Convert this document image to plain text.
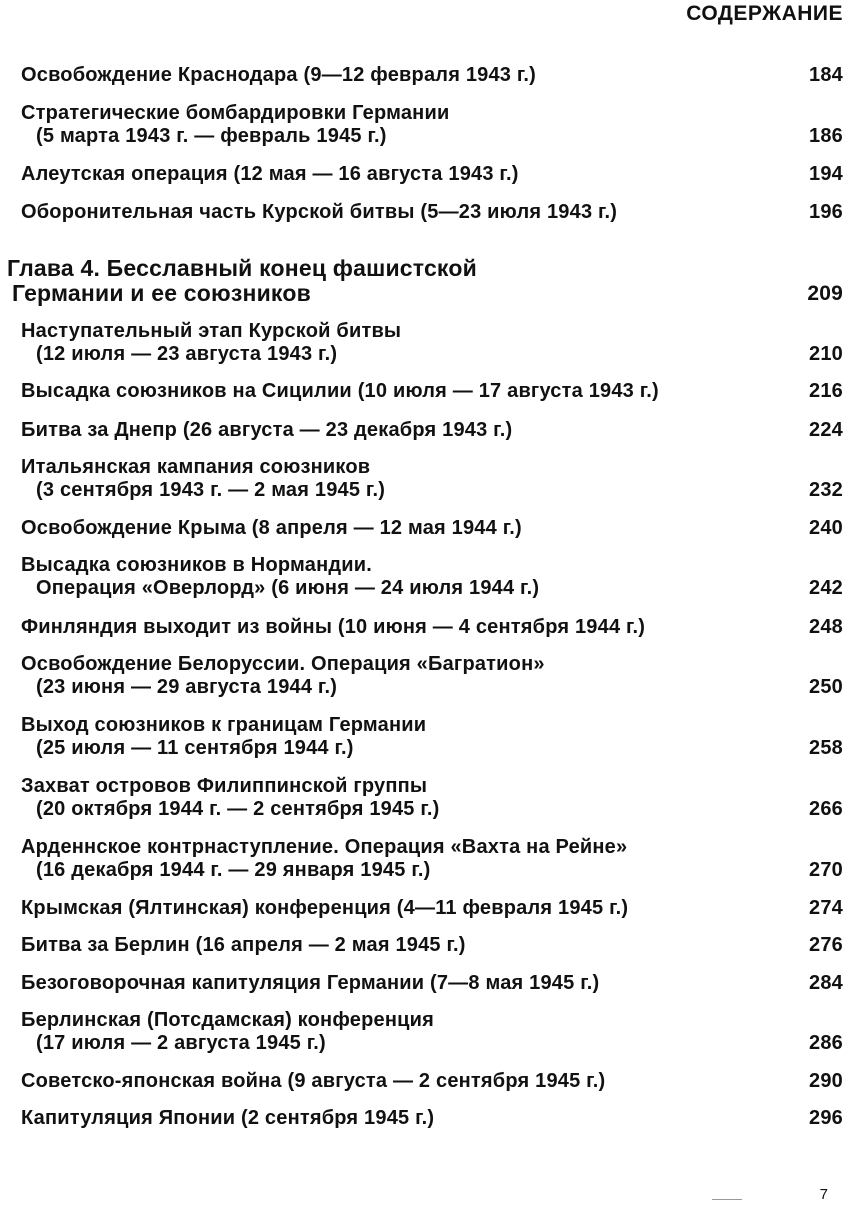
СОДЕРЖАНИЕ
Освобождение Краснодара (9—12 февраля 1943 г.)	184
Стратегические бомбардировки Германии
(5 марта 1943 г. — февраль 1945 г.)	186
Алеутская операция (12 мая — 16 августа 1943 г.)	194
Оборонительная часть Курской битвы (5—23 июля 1943 г.)	196
Глава 4. Бесславный конец фашистской
Германии и ее союзников	209
Наступательный этап Курской битвы
(12 июля — 23 августа 1943 г.)	210
Высадка союзников на Сицилии (10 июля — 17 августа 1943 г.)	216
Битва за Днепр (26 августа — 23 декабря 1943 г.)	224
Итальянская кампания союзников
(3 сентября 1943 г. — 2 мая 1945 г.)	232
Освобождение Крыма (8 апреля — 12 мая 1944 г.)	240
Высадка союзников в Нормандии.
Операция «Оверлорд» (6 июня — 24 июля 1944 г.)	242
Финляндия выходит из войны (10 июня — 4 сентября 1944 г.)	248
Освобождение Белоруссии. Операция «Багратион»
(23 июня — 29 августа 1944 г.)	250
Выход союзников к границам Германии
(25 июля — 11 сентября 1944 г.)	258
Захват островов Филиппинской группы
(20 октября 1944 г. — 2 сентября 1945 г.)	266
Арденнское контрнаступление. Операция «Вахта на Рейне»
(16 декабря 1944 г. — 29 января 1945 г.)	270
Крымская (Ялтинская) конференция (4—11 февраля 1945 г.)	274
Битва за Берлин (16 апреля — 2 мая 1945 г.)	276
Безоговорочная капитуляция Германии (7—8 мая 1945 г.)	284
Берлинская (Потсдамская) конференция
(17 июля — 2 августа 1945 г.)	286
Советско-японская война (9 августа — 2 сентября 1945 г.)	290
Капитуляция Японии (2 сентября 1945 г.)	296
7
